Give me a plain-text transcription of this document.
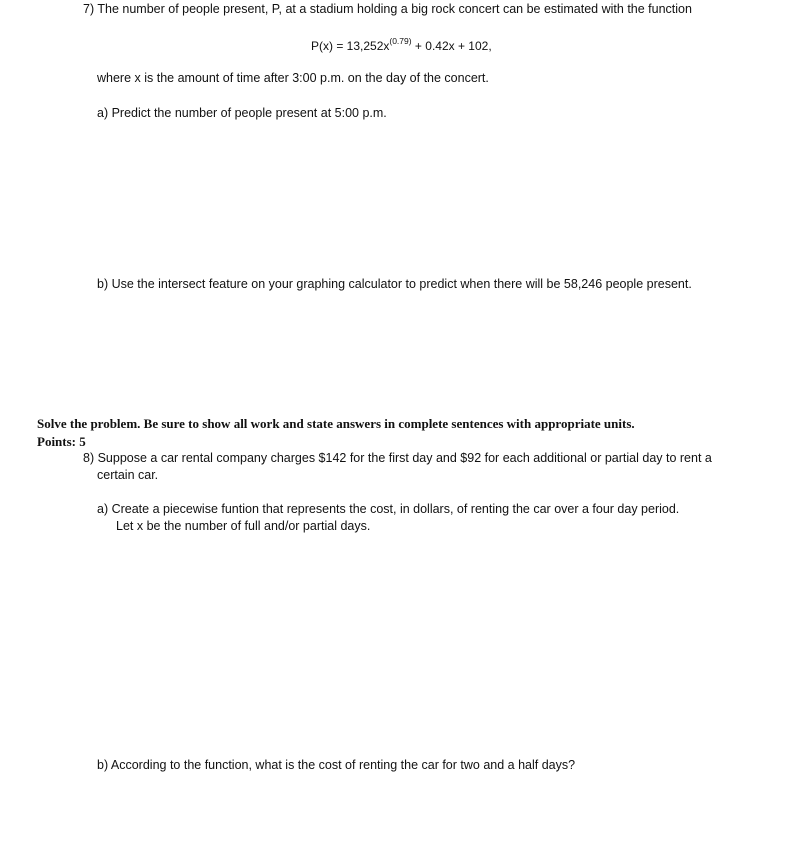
7) The number of people present, P, at a stadium holding a big rock concert can be estimated with the function
$P(x) = 13,252x^{(0.79)} + 0.42x + 102$,
where x is the amount of time after 3:00 p.m. on the day of the concert.
a) Predict the number of people present at 5:00 p.m.
b) Use the intersect feature on your graphing calculator to predict when there will be 58,246 people present.
Solve the problem. Be sure to show all work and state answers in complete sentences with appropriate units.
Points: 5
8) Suppose a car rental company charges $142 for the first day and $92 for each additional or partial day to rent a
certain car.
a) Create a piecewise funtion that represents the cost, in dollars, of renting the car over a four day period.
Let x be the number of full and/or partial days.
b) According to the function, what is the cost of renting the car for two and a half days?
